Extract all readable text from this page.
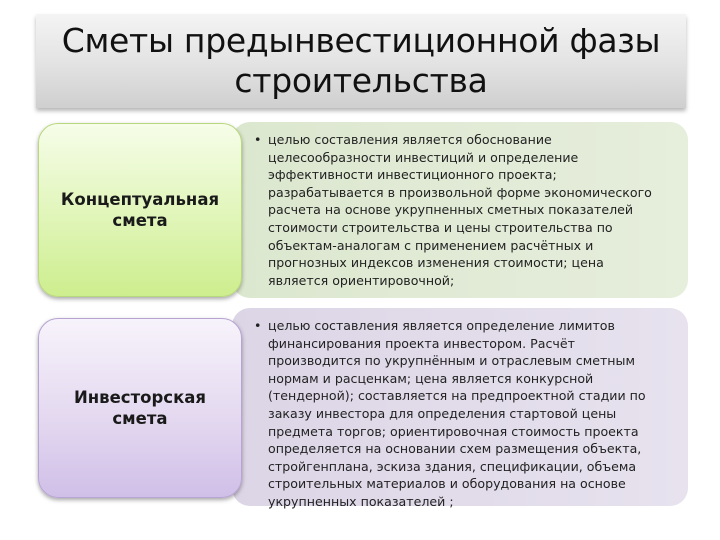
Сметы предынвестиционной фазы
строительства
• целью составления является обоснование целесообразности инвестиций и определение эффективности инвестиционного проекта; разрабатывается в произвольной форме экономического расчета на основе укрупненных сметных показателей стоимости строительства и цены строительства по объектам-аналогам с применением расчётных и прогнозных индексов изменения стоимости; цена является ориентировочной;
Концептуальная
смета
• целью составления является определение лимитов финансирования проекта инвестором. Расчёт производится по укрупнённым и отраслевым сметным нормам и расценкам; цена является конкурсной (тендерной); составляется на предпроектной стадии по заказу инвестора для определения стартовой цены предмета торгов; ориентировочная стоимость проекта определяется на основании схем размещения объекта, стройгенплана, эскиза здания, спецификации, объема строительных материалов и оборудования на основе укрупненных показателей ;
Инвесторская
смета
